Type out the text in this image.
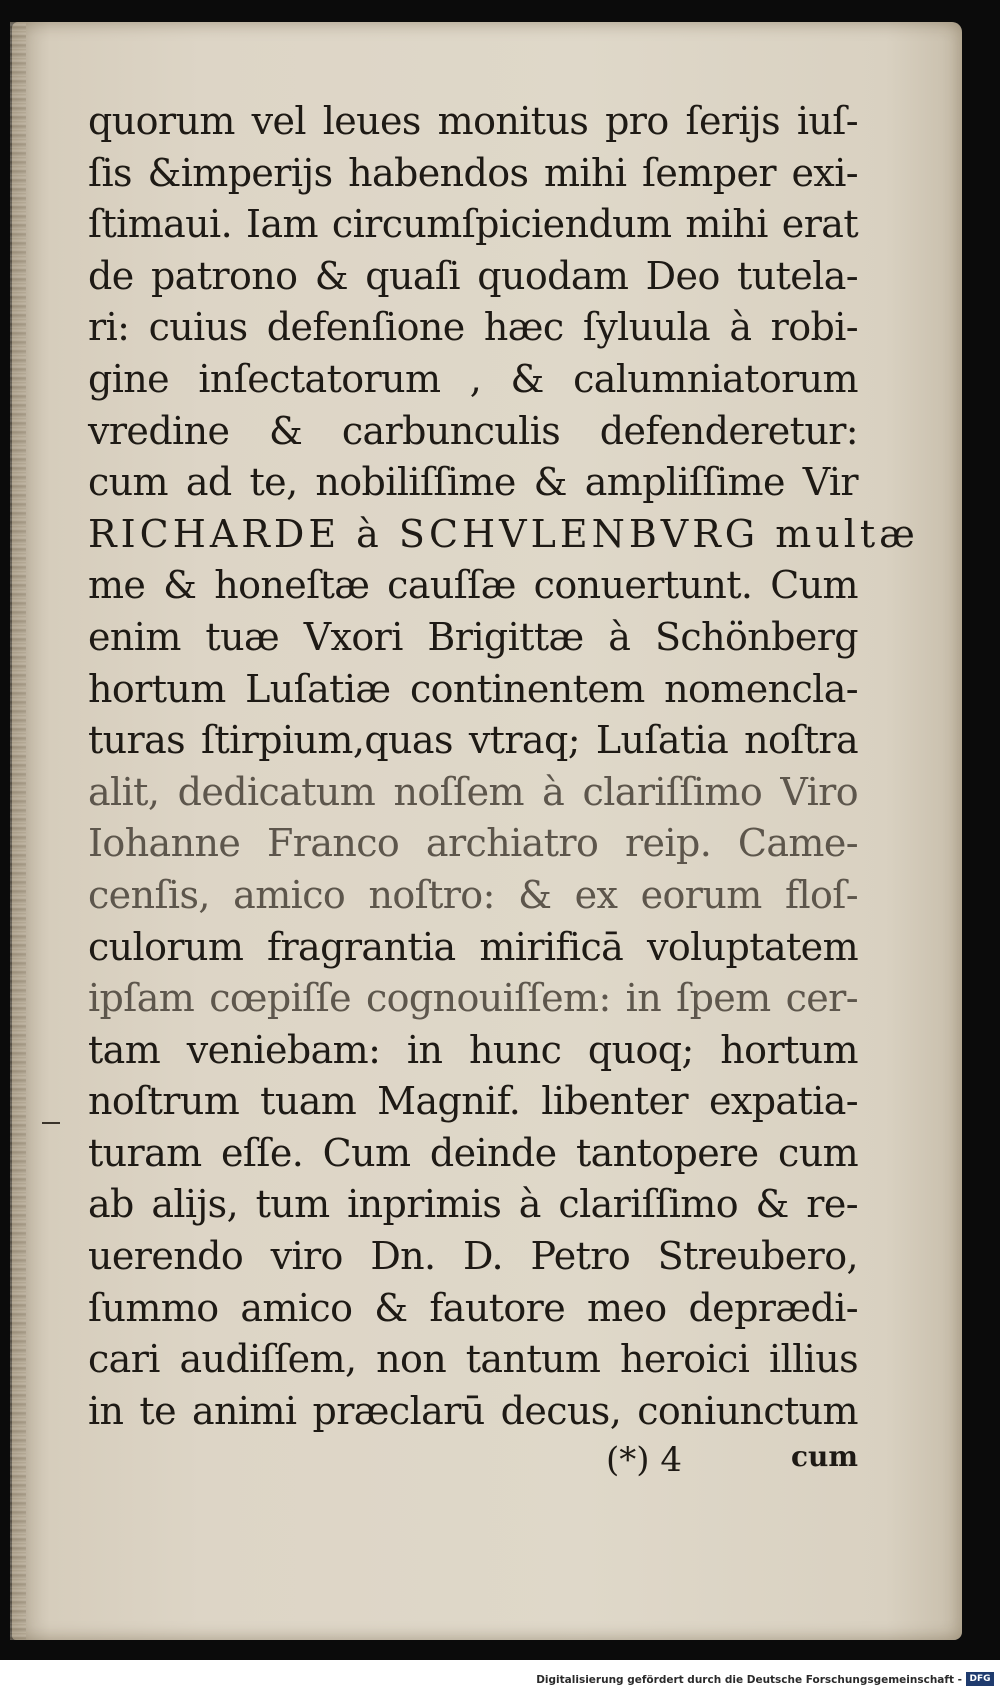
quorum vel leues monitus pro ſerijs iuſ-
ſis &imperijs habendos mihi ſemper exi-
ſtimaui. Iam circumſpiciendum mihi erat
de patrono & quaſi quodam Deo tutela-
ri: cuius defenſione hæc ſyluula à robi-
gine inſectatorum , & calumniatorum
vredine & carbunculis defenderetur:
cum ad te, nobiliſſime & ampliſſime Vir
RICHARDE à SCHVLENBVRG multæ
me & honeſtæ cauſſæ conuertunt. Cum
enim tuæ Vxori Brigittæ à Schönberg
hortum Luſatiæ continentem nomencla-
turas ſtirpium,quas vtraq; Luſatia noſtra
alit, dedicatum noſſem à clariſſimo Viro
Iohanne Franco archiatro reip. Came-
cenſis, amico noſtro: & ex eorum floſ-
culorum fragrantia mirificā voluptatem
ipſam cœpiſſe cognouiſſem: in ſpem cer-
tam veniebam: in hunc quoq; hortum
noſtrum tuam Magnif. libenter expatia-
turam eſſe. Cum deinde tantopere cum
ab alijs, tum inprimis à clariſſimo & re-
uerendo viro Dn. D. Petro Streubero,
ſummo amico & fautore meo deprædi-
cari audiſſem, non tantum heroici illius
in te animi præclarū decus, coniunctum
(*) 4	cum
Digitalisierung gefördert durch die Deutsche Forschungsgemeinschaft - DFG
